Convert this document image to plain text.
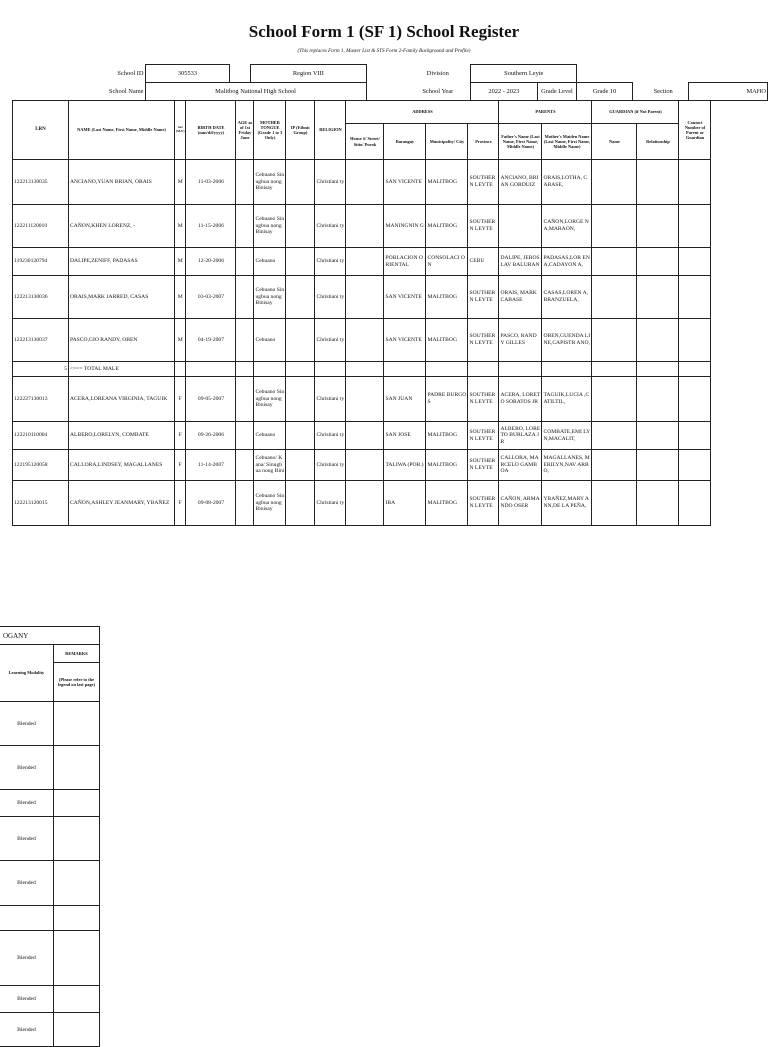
School Form 1 (SF 1) School Register
(This replaces Form 1, Master List & STS Form 2-Family Background and Profile)
School ID	305533		Region VIII		Division	Southern Leyte					
School Name	Malitbog National High School				School Year	2022 - 2023	Grade Level	Grade 10		Section	MAHO
LRN	NAME (Last Name, First Name, Middle Name)	Sex (M/F)	BIRTH DATE (mm/dd/yyyy)	AGE as of 1st Friday June	MOTHER TONGUE (Grade 1 to 3 Only)	IP (Ethnic Group)	RELIGION	ADDRESS				PARENTS		GUARDIAN (if Not Parent)		Contact Number of Parent or Guardian
								House #/ Street/ Sitio/ Purok	Barangay	Municipality/ City	Province	Father's Name (Last Name, First Name, Middle Name)	Mother's Maiden Name (Last Name, First Name, Middle Name)	Name	Relationship	
122213130035	ANCIANO,YUAN BRIAN, ORAIS	M	11-03-2006		Cebuano Sinugbua nong Binisay		Christiani ty		SAN VICENTE	MALITBOG	SOUTHERN LEYTE	ANCIANO, BRIAN GORDUIZ	ORAIS,LOTHA, CABASE,			
122211120010	CAÑON,KHEN LORENZ, -	M	11-15-2006		Cebuano Sinugbua nong Binisay		Christiani ty		MANINGNIN G	MALITBOG	SOUTHERN LEYTE		CAÑON,LORGE NA,MARAON,			
119230120794	DALIPE,ZENIFF, PADASAS	M	12-20-2006		Cebuano		Christiani ty		POBLACION ORIENTAL	CONSOLACI ON	CEBU	DALIPE, JEROSLAV BALURAN	PADASAS,LOR ENA,CADAYON A,			
122213130036	ORAIS,MARK JARRED, CASAS	M	03-03-2007		Cebuano Sinugbua nong Binisay		Christiani ty		SAN VICENTE	MALITBOG	SOUTHERN LEYTE	ORAIS, MARK CABASE	CASAS,LOREN A,BRANZUELA,			
122213130037	PASCO,GIO RANDY, OBEN	M	04-19-2007		Cebuano		Christiani ty		SAN VICENTE	MALITBOG	SOUTHERN LEYTE	PASCO, RANDY GILLES	OBEN,GUENDA LINE,CAPISTR ANO,			
5	<=== TOTAL MALE															
122227130013	ACERA,LOREANA VIRGINIA, TAGUIK	F	09-05-2007		Cebuano Sinugbua nong Binisay		Christiani ty		SAN JUAN	PADRE BURGOS	SOUTHERN LEYTE	ACERA, LORETO SORATOS JR	TAGUIK,LUCIA ,CATILTIL,			
122210110004	ALBERO,LORELYN, COMBATE	F	09-26-2006		Cebuano		Christiani ty		SAN JOSE	MALITBOG	SOUTHERN LEYTE	ALBERO, LORETO BURLAZA JR	COMBATE,EMI LYN,MACALIT,			
122195120058	CALLORA,LINDSEY, MAGALLANES	F	11-14-2007		Cebuano/ Kana/ Sinugbua nong Bini		Christiani ty		TALIWA (POB.)	MALITBOG	SOUTHERN LEYTE	CALLORA, MARCELO GAMBOA	MAGALLANES, MERILYN,NAV ARRO,			
122213120015	CAÑON,ASHLEY JEANMARY, YBAÑEZ	F	09-08-2007		Cebuano Sinugbua nong Binisay		Christiani ty		IBA	MALITBOG	SOUTHERN LEYTE	CAÑON, ARMANDO OSER	YBAÑEZ,MARY ANN,DE LA PEÑA,			
OGANY	
Learning Modality	REMARKS
	(Please refer to the legend on last page)
Blended	
Blended	
Blended	
Blended	
Blended	

Blended	
Blended	
Blended	
